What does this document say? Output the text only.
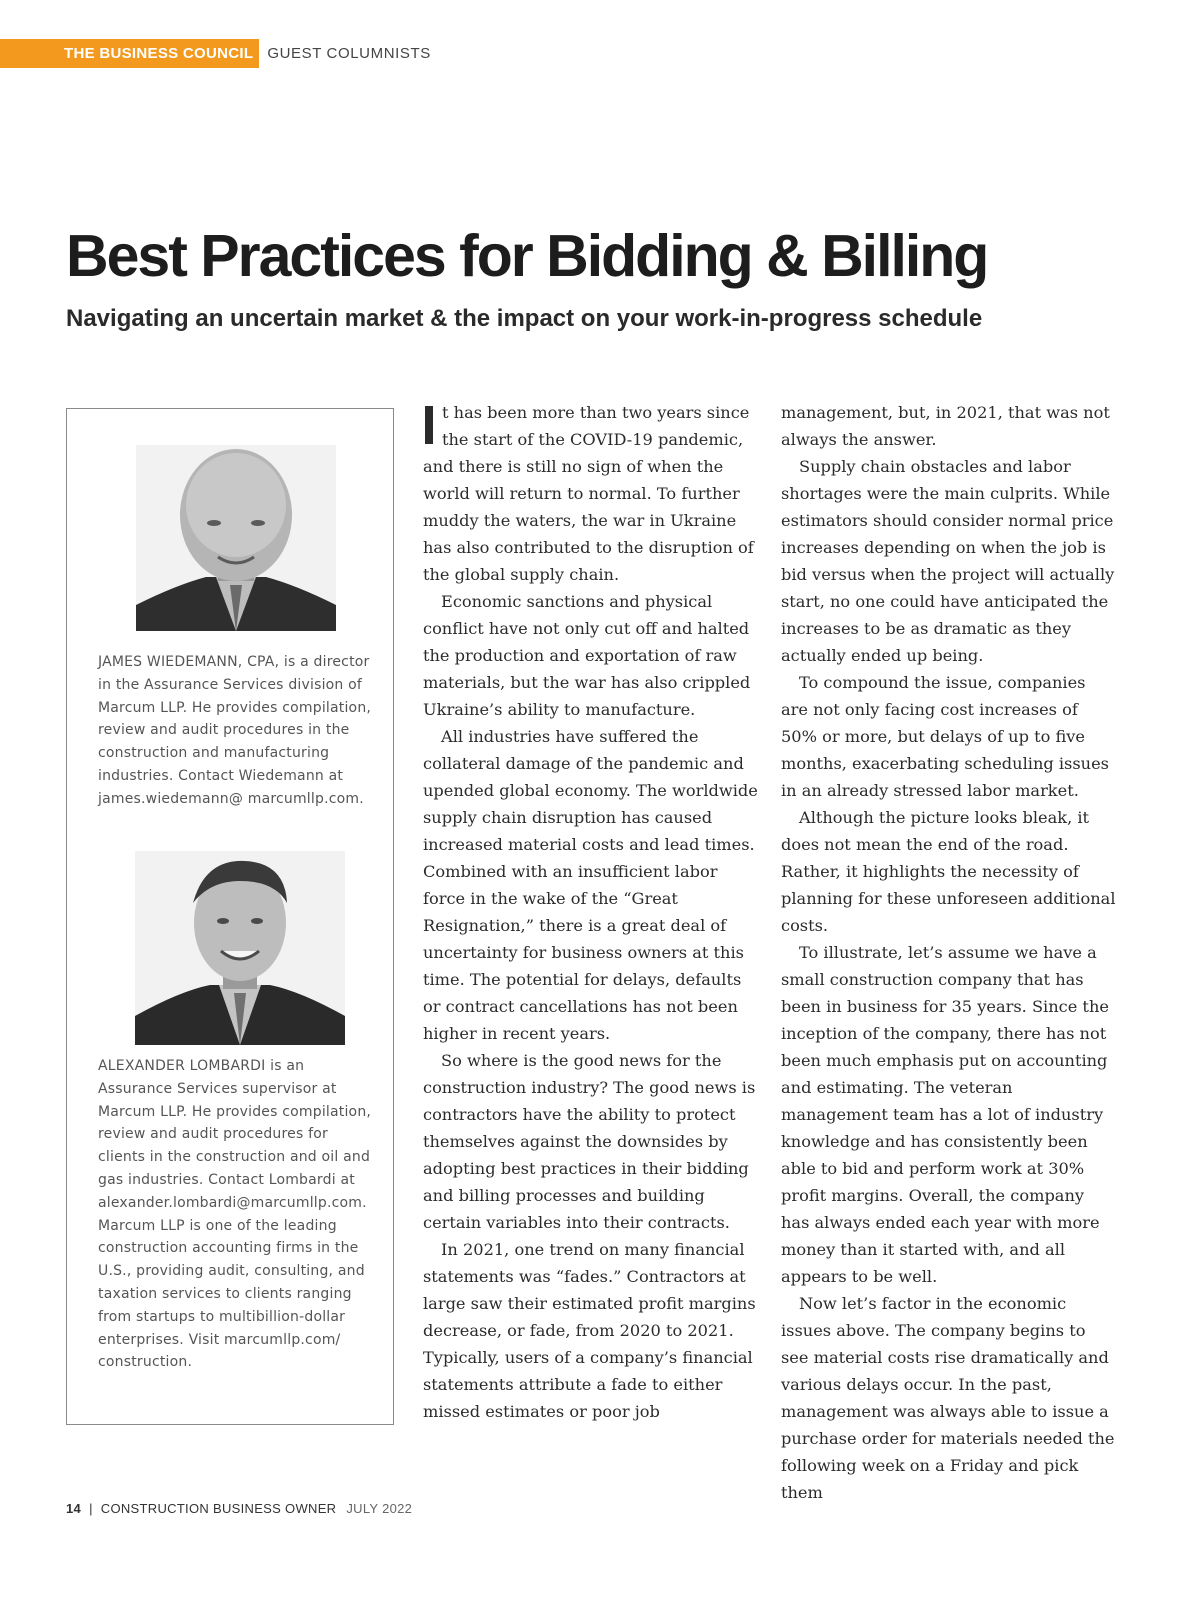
THE BUSINESS COUNCIL GUEST COLUMNISTS
Best Practices for Bidding & Billing
Navigating an uncertain market & the impact on your work-in-progress schedule

JAMES WIEDEMANN, CPA, is a director in the Assurance Services division of Marcum LLP. He provides compilation, review and audit procedures in the construction and manufacturing industries. Contact Wiedemann at james.wiedemann@ marcumllp.com.

ALEXANDER LOMBARDI is an Assurance Services supervisor at Marcum LLP. He provides compilation, review and audit procedures for clients in the construction and oil and gas industries. Contact Lombardi at alexander.lombardi@marcumllp.com. Marcum LLP is one of the leading construction accounting firms in the U.S., providing audit, consulting, and taxation services to clients ranging from startups to multibillion-dollar enterprises. Visit marcumllp.com/ construction.

t has been more than two years since the start of the COVID-19 pandemic, and there is still no sign of when the world will return to normal. To further muddy the waters, the war in Ukraine has also contributed to the disruption of the global supply chain.

Economic sanctions and physical conflict have not only cut off and halted the production and exportation of raw materials, but the war has also crippled Ukraine’s ability to manufacture.

All industries have suffered the collateral damage of the pandemic and upended global economy. The worldwide supply chain disruption has caused increased material costs and lead times. Combined with an insufficient labor force in the wake of the “Great Resignation,” there is a great deal of uncertainty for business owners at this time. The potential for delays, defaults or contract cancellations has not been higher in recent years.

So where is the good news for the construction industry? The good news is contractors have the ability to protect themselves against the downsides by adopting best practices in their bidding and billing processes and building certain variables into their contracts.

In 2021, one trend on many financial statements was “fades.” Contractors at large saw their estimated profit margins decrease, or fade, from 2020 to 2021. Typically, users of a company’s financial statements attribute a fade to either missed estimates or poor job

management, but, in 2021, that was not always the answer.

Supply chain obstacles and labor shortages were the main culprits. While estimators should consider normal price increases depending on when the job is bid versus when the project will actually start, no one could have anticipated the increases to be as dramatic as they actually ended up being.

To compound the issue, companies are not only facing cost increases of 50% or more, but delays of up to five months, exacerbating scheduling issues in an already stressed labor market.

Although the picture looks bleak, it does not mean the end of the road. Rather, it highlights the necessity of planning for these unforeseen additional costs.

To illustrate, let’s assume we have a small construction company that has been in business for 35 years. Since the inception of the company, there has not been much emphasis put on accounting and estimating. The veteran management team has a lot of industry knowledge and has consistently been able to bid and perform work at 30% profit margins. Overall, the company has always ended each year with more money than it started with, and all appears to be well.

Now let’s factor in the economic issues above. The company begins to see material costs rise dramatically and various delays occur. In the past, management was always able to issue a purchase order for materials needed the following week on a Friday and pick them

14 | CONSTRUCTION BUSINESS OWNER JULY 2022
